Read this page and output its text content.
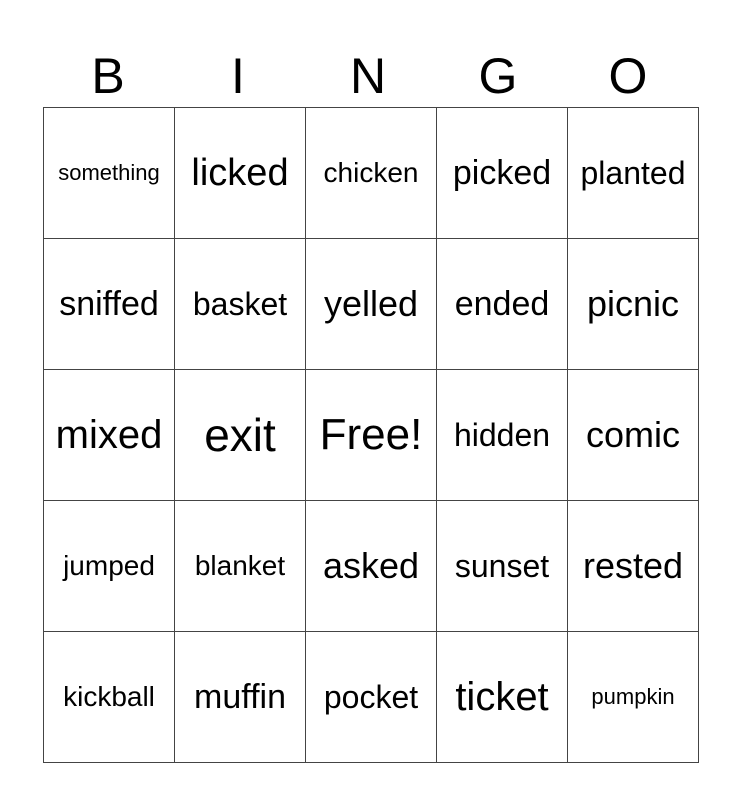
B	I	N	G	O
something	licked	chicken	picked	planted
sniffed	basket	yelled	ended	picnic
mixed	exit	Free!	hidden	comic
jumped	blanket	asked	sunset	rested
kickball	muffin	pocket	ticket	pumpkin
